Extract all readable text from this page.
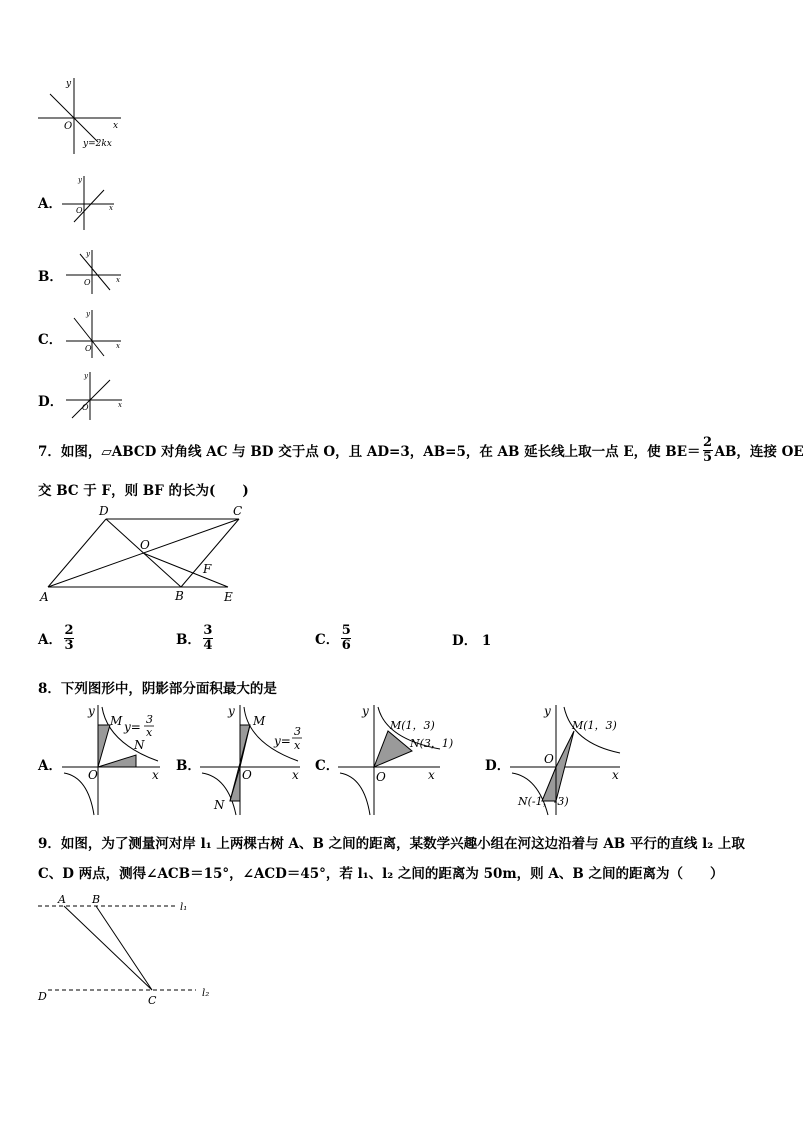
y
x
O
y=2kx
A．
y
x
O
B．
y
x
O
C．
y
x
O
D．
y
x
O
7．如图，▱ABCD 对角线 AC 与 BD 交于点 O，且 AD=3，AB=5，在 AB 延长线上取一点 E，使 $BE= \frac{2}{5}$ AB，连接 OE
交 BC 于 F，则 BF 的长为(　　)
D	C
O
F
A	B	E
A． $\frac{2}{3}$	B． $\frac{3}{4}$	C． $\frac{5}{6}$	D． 1
8．下列图形中，阴影部分面积最大的是
A．
y
x
O
M
N
y=
3
x
B．
y
x
O
M
N
y=
3
x
C．
y
x
O
M(1，3)
N(3，1)
D．
y
x
O
M(1，3)
N(-1，-3)
9．如图，为了测量河对岸 l₁ 上两棵古树 A、B 之间的距离，某数学兴趣小组在河这边沿着与 AB 平行的直线 l₂ 上取
C、D 两点，测得∠ACB＝15°，∠ACD＝45°，若 l₁、l₂ 之间的距离为 50m，则 A、B 之间的距离为（　　）
A B
l₁
D	C
l₂
